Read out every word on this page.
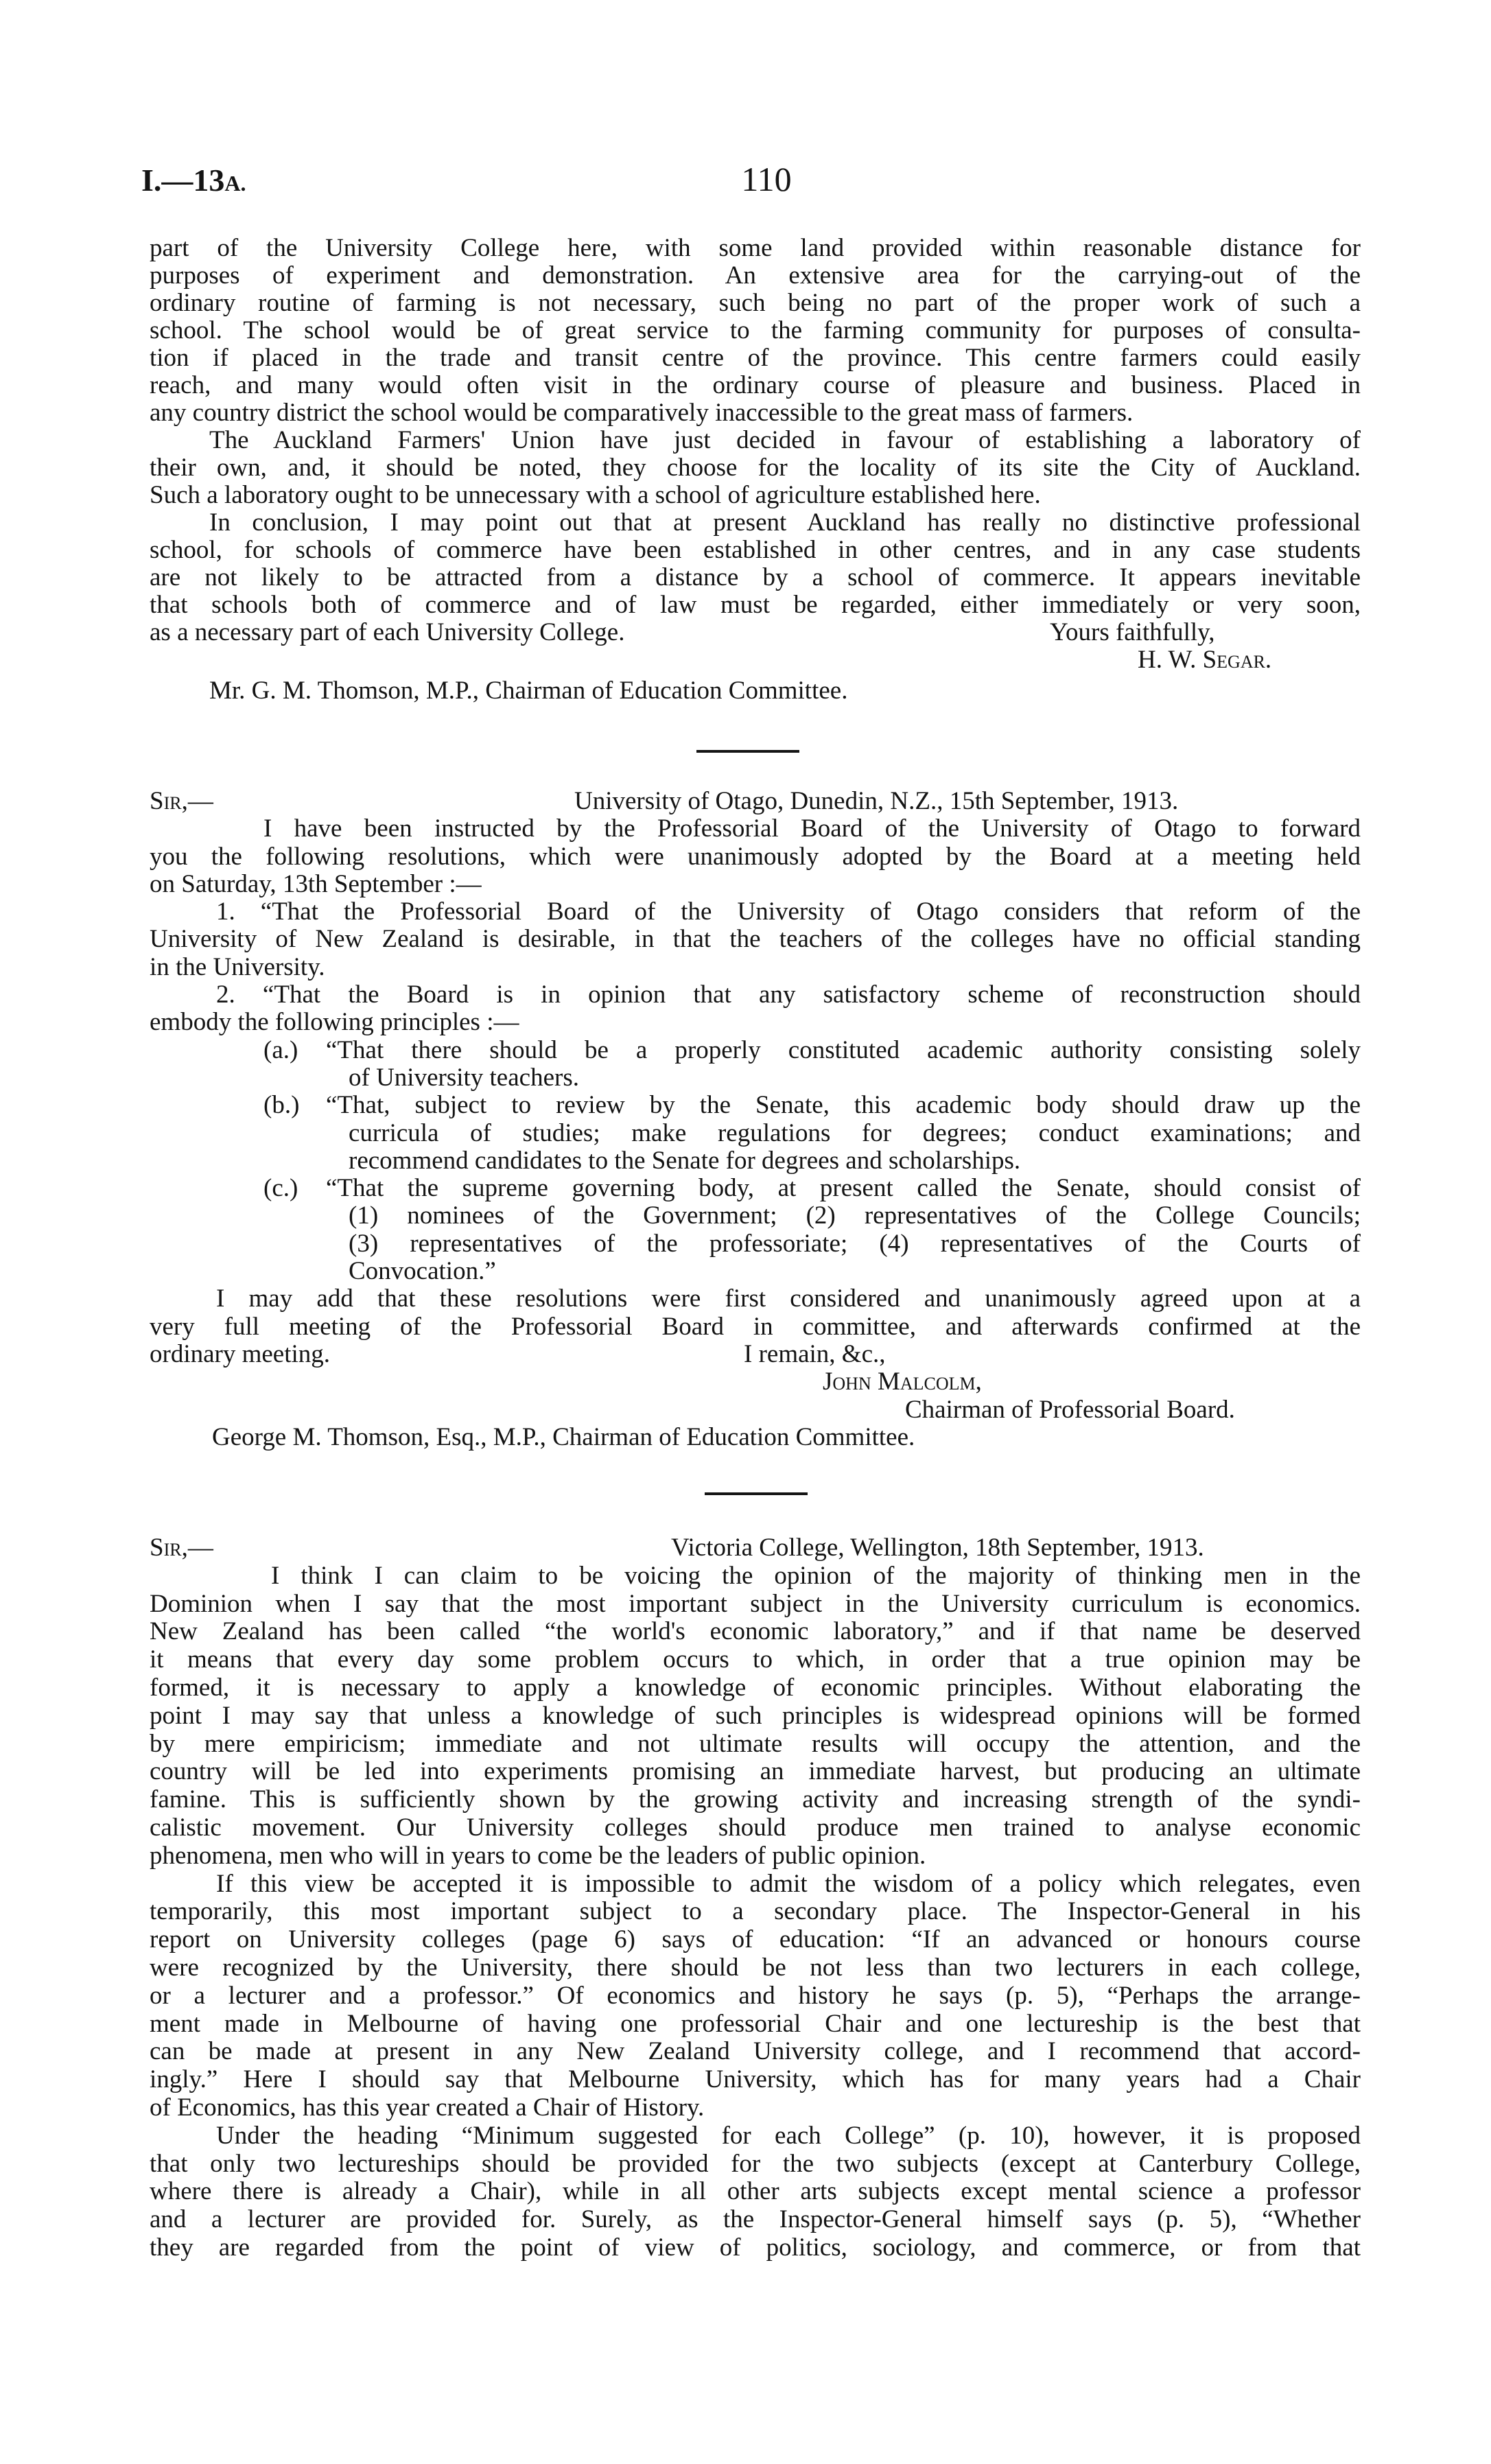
I.—13A.	110
part of the University College here, with some land provided within reasonable distance for
purposes of experiment and demonstration. An extensive area for the carrying-out of the
ordinary routine of farming is not necessary, such being no part of the proper work of such a
school. The school would be of great service to the farming community for purposes of consulta-
tion if placed in the trade and transit centre of the province. This centre farmers could easily
reach, and many would often visit in the ordinary course of pleasure and business. Placed in
any country district the school would be comparatively inaccessible to the great mass of farmers.
The Auckland Farmers' Union have just decided in favour of establishing a laboratory of
their own, and, it should be noted, they choose for the locality of its site the City of Auckland.
Such a laboratory ought to be unnecessary with a school of agriculture established here.
In conclusion, I may point out that at present Auckland has really no distinctive professional
school, for schools of commerce have been established in other centres, and in any case students
are not likely to be attracted from a distance by a school of commerce. It appears inevitable
that schools both of commerce and of law must be regarded, either immediately or very soon,
as a necessary part of each University College.	Yours faithfully,
H. W. Segar.
Mr. G. M. Thomson, M.P., Chairman of Education Committee.
Sir,—	University of Otago, Dunedin, N.Z., 15th September, 1913.
I have been instructed by the Professorial Board of the University of Otago to forward
you the following resolutions, which were unanimously adopted by the Board at a meeting held
on Saturday, 13th September :—
1. “That the Professorial Board of the University of Otago considers that reform of the
University of New Zealand is desirable, in that the teachers of the colleges have no official standing
in the University.
2. “That the Board is in opinion that any satisfactory scheme of reconstruction should
embody the following principles :—
(a.) “That there should be a properly constituted academic authority consisting solely
of University teachers.
(b.) “That, subject to review by the Senate, this academic body should draw up the
curricula of studies; make regulations for degrees; conduct examinations; and
recommend candidates to the Senate for degrees and scholarships.
(c.) “That the supreme governing body, at present called the Senate, should consist of
(1) nominees of the Government; (2) representatives of the College Councils;
(3) representatives of the professoriate; (4) representatives of the Courts of
Convocation.”
I may add that these resolutions were first considered and unanimously agreed upon at a
very full meeting of the Professorial Board in committee, and afterwards confirmed at the
ordinary meeting.	I remain, &c.,
John Malcolm,
Chairman of Professorial Board.
George M. Thomson, Esq., M.P., Chairman of Education Committee.
Sir,—	Victoria College, Wellington, 18th September, 1913.
I think I can claim to be voicing the opinion of the majority of thinking men in the
Dominion when I say that the most important subject in the University curriculum is economics.
New Zealand has been called “the world's economic laboratory,” and if that name be deserved
it means that every day some problem occurs to which, in order that a true opinion may be
formed, it is necessary to apply a knowledge of economic principles. Without elaborating the
point I may say that unless a knowledge of such principles is widespread opinions will be formed
by mere empiricism; immediate and not ultimate results will occupy the attention, and the
country will be led into experiments promising an immediate harvest, but producing an ultimate
famine. This is sufficiently shown by the growing activity and increasing strength of the syndi-
calistic movement. Our University colleges should produce men trained to analyse economic
phenomena, men who will in years to come be the leaders of public opinion.
If this view be accepted it is impossible to admit the wisdom of a policy which relegates, even
temporarily, this most important subject to a secondary place. The Inspector-General in his
report on University colleges (page 6) says of education: “If an advanced or honours course
were recognized by the University, there should be not less than two lecturers in each college,
or a lecturer and a professor.” Of economics and history he says (p. 5), “Perhaps the arrange-
ment made in Melbourne of having one professorial Chair and one lectureship is the best that
can be made at present in any New Zealand University college, and I recommend that accord-
ingly.” Here I should say that Melbourne University, which has for many years had a Chair
of Economics, has this year created a Chair of History.
Under the heading “Minimum suggested for each College” (p. 10), however, it is proposed
that only two lectureships should be provided for the two subjects (except at Canterbury College,
where there is already a Chair), while in all other arts subjects except mental science a professor
and a lecturer are provided for. Surely, as the Inspector-General himself says (p. 5), “Whether
they are regarded from the point of view of politics, sociology, and commerce, or from that
